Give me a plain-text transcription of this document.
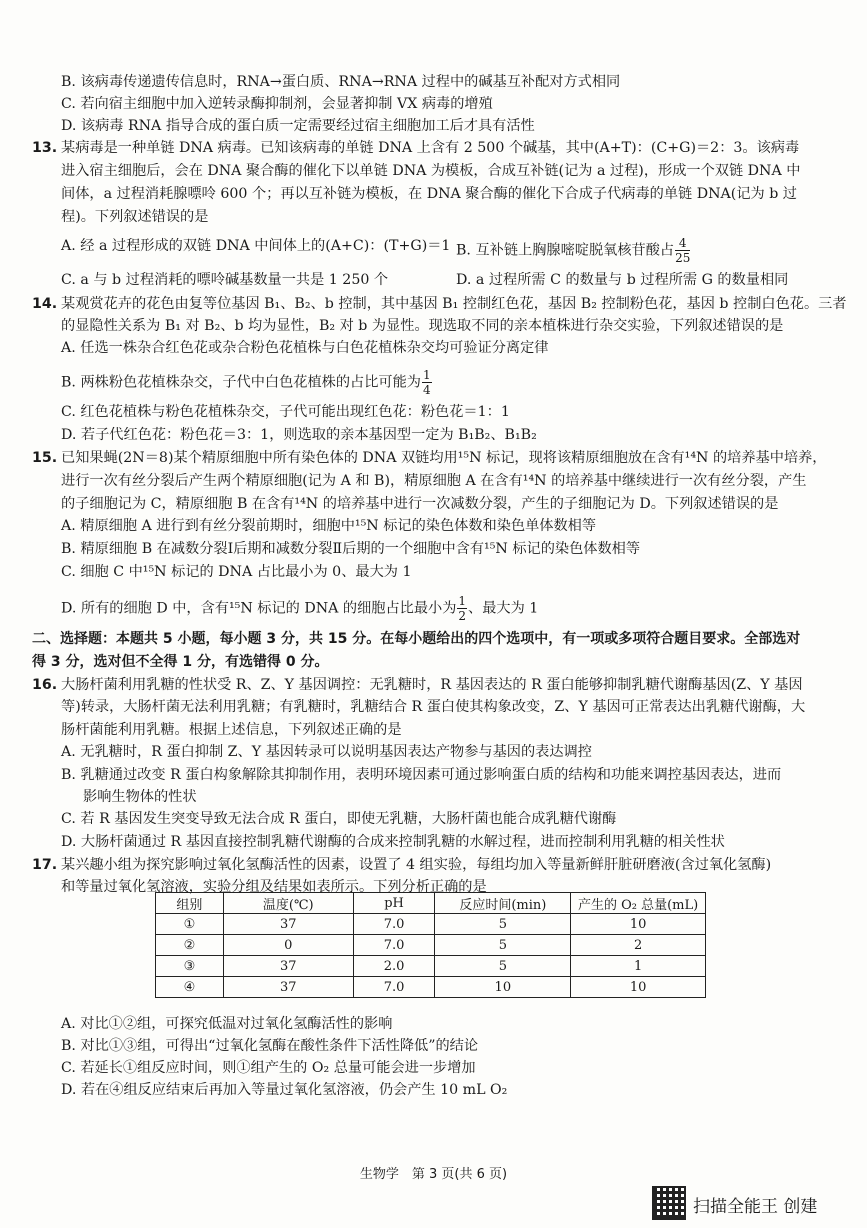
B. 该病毒传递遗传信息时，RNA→蛋白质、RNA→RNA 过程中的碱基互补配对方式相同
C. 若向宿主细胞中加入逆转录酶抑制剂，会显著抑制 VX 病毒的增殖
D. 该病毒 RNA 指导合成的蛋白质一定需要经过宿主细胞加工后才具有活性
13. 某病毒是一种单链 DNA 病毒。已知该病毒的单链 DNA 上含有 2 500 个碱基，其中(A+T)：(C+G)＝2：3。该病毒
进入宿主细胞后，会在 DNA 聚合酶的催化下以单链 DNA 为模板，合成互补链(记为 a 过程)，形成一个双链 DNA 中
间体，a 过程消耗腺嘌呤 600 个；再以互补链为模板，在 DNA 聚合酶的催化下合成子代病毒的单链 DNA(记为 b 过
程)。下列叙述错误的是
A. 经 a 过程形成的双链 DNA 中间体上的(A+C)：(T+G)＝1 B. 互补链上胸腺嘧啶脱氧核苷酸占 $\frac{4}{25}$
C. a 与 b 过程消耗的嘌呤碱基数量一共是 1 250 个	D. a 过程所需 C 的数量与 b 过程所需 G 的数量相同
14. 某观赏花卉的花色由复等位基因 B₁、B₂、b 控制，其中基因 B₁ 控制红色花，基因 B₂ 控制粉色花，基因 b 控制白色花。三者
的显隐性关系为 B₁ 对 B₂、b 均为显性，B₂ 对 b 为显性。现选取不同的亲本植株进行杂交实验，下列叙述错误的是
A. 任选一株杂合红色花或杂合粉色花植株与白色花植株杂交均可验证分离定律
B. 两株粉色花植株杂交，子代中白色花植株的占比可能为 $\frac{1}{4}$
C. 红色花植株与粉色花植株杂交，子代可能出现红色花：粉色花＝1：1
D. 若子代红色花：粉色花＝3：1，则选取的亲本基因型一定为 B₁B₂、B₁B₂
15. 已知果蝇(2N＝8)某个精原细胞中所有染色体的 DNA 双链均用¹⁵N 标记，现将该精原细胞放在含有¹⁴N 的培养基中培养，
进行一次有丝分裂后产生两个精原细胞(记为 A 和 B)，精原细胞 A 在含有¹⁴N 的培养基中继续进行一次有丝分裂，产生
的子细胞记为 C，精原细胞 B 在含有¹⁴N 的培养基中进行一次减数分裂，产生的子细胞记为 D。下列叙述错误的是
A. 精原细胞 A 进行到有丝分裂前期时，细胞中¹⁵N 标记的染色体数和染色单体数相等
B. 精原细胞 B 在减数分裂Ⅰ后期和减数分裂Ⅱ后期的一个细胞中含有¹⁵N 标记的染色体数相等
C. 细胞 C 中¹⁵N 标记的 DNA 占比最小为 0、最大为 1
D. 所有的细胞 D 中，含有¹⁵N 标记的 DNA 的细胞占比最小为 $\frac{1}{2}$ 、最大为 1
二、选择题：本题共 5 小题，每小题 3 分，共 15 分。在每小题给出的四个选项中，有一项或多项符合题目要求。全部选对
得 3 分，选对但不全得 1 分，有选错得 0 分。
16. 大肠杆菌利用乳糖的性状受 R、Z、Y 基因调控：无乳糖时，R 基因表达的 R 蛋白能够抑制乳糖代谢酶基因(Z、Y 基因
等)转录，大肠杆菌无法利用乳糖；有乳糖时，乳糖结合 R 蛋白使其构象改变，Z、Y 基因可正常表达出乳糖代谢酶，大
肠杆菌能利用乳糖。根据上述信息，下列叙述正确的是
A. 无乳糖时，R 蛋白抑制 Z、Y 基因转录可以说明基因表达产物参与基因的表达调控
B. 乳糖通过改变 R 蛋白构象解除其抑制作用，表明环境因素可通过影响蛋白质的结构和功能来调控基因表达，进而
影响生物体的性状
C. 若 R 基因发生突变导致无法合成 R 蛋白，即使无乳糖，大肠杆菌也能合成乳糖代谢酶
D. 大肠杆菌通过 R 基因直接控制乳糖代谢酶的合成来控制乳糖的水解过程，进而控制利用乳糖的相关性状
17. 某兴趣小组为探究影响过氧化氢酶活性的因素，设置了 4 组实验，每组均加入等量新鲜肝脏研磨液(含过氧化氢酶)
和等量过氧化氢溶液，实验分组及结果如表所示。下列分析正确的是
组别	温度(℃)	pH	反应时间(min)	产生的 O₂ 总量(mL)
①	37	7.0	5	10
②	0	7.0	5	2
③	37	2.0	5	1
④	37	7.0	10	10
A. 对比①②组，可探究低温对过氧化氢酶活性的影响
B. 对比①③组，可得出“过氧化氢酶在酸性条件下活性降低”的结论
C. 若延长①组反应时间，则①组产生的 O₂ 总量可能会进一步增加
D. 若在④组反应结束后再加入等量过氧化氢溶液，仍会产生 10 mL O₂
生物学　第 3 页(共 6 页)
扫描全能王 创建
